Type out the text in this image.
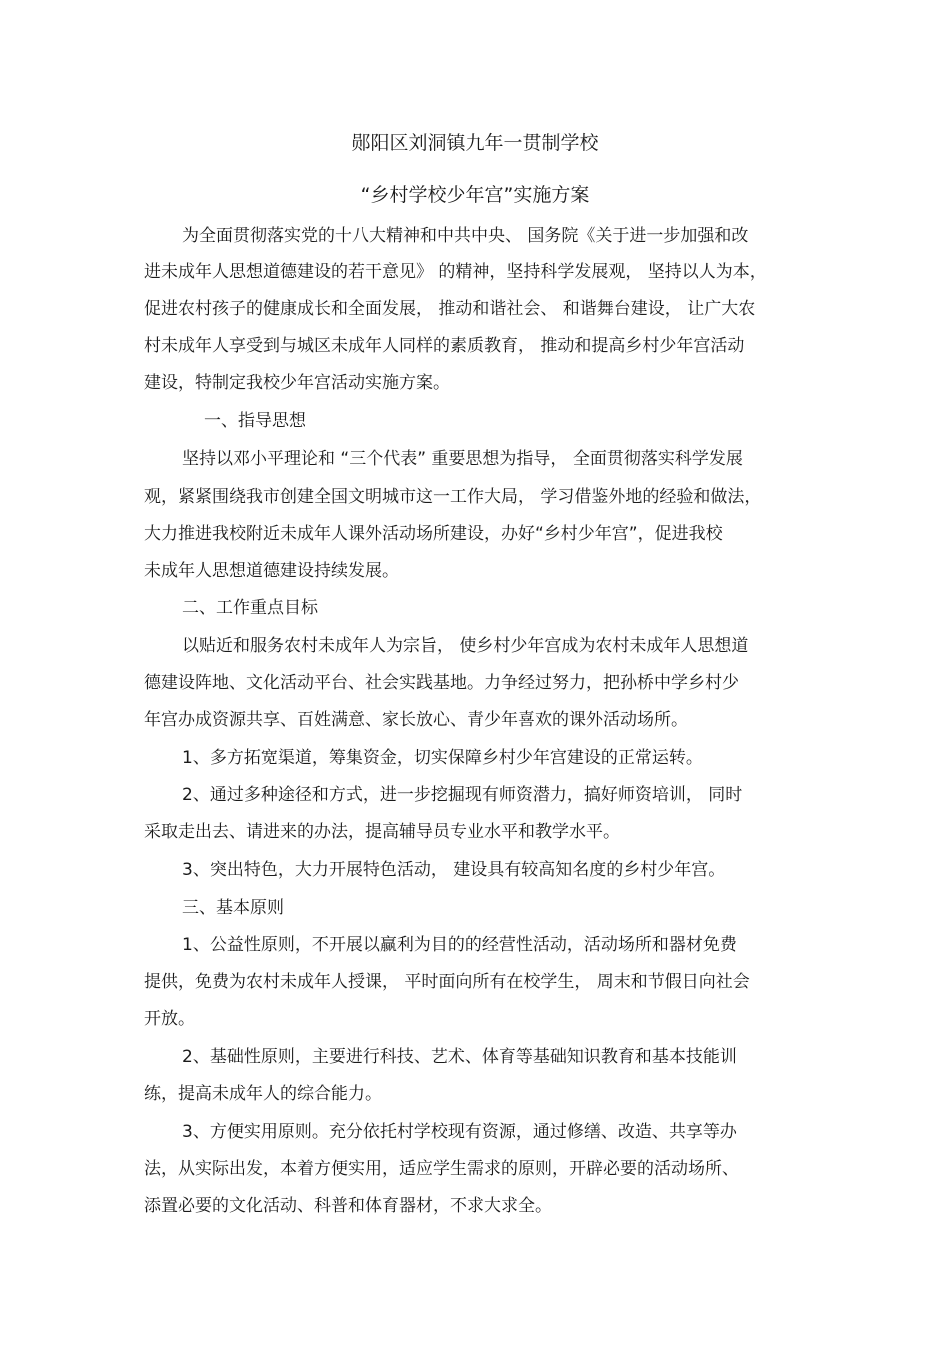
郧阳区刘洞镇九年一贯制学校
“乡村学校少年宫”实施方案
为全面贯彻落实党的十八大精神和中共中央、 国务院《关于进一步加强和改
进未成年人思想道德建设的若干意见》 的精神，坚持科学发展观， 坚持以人为本，
促进农村孩子的健康成长和全面发展， 推动和谐社会、 和谐舞台建设， 让广大农
村未成年人享受到与城区未成年人同样的素质教育， 推动和提高乡村少年宫活动
建设，特制定我校少年宫活动实施方案。
一、指导思想
坚持以邓小平理论和 “三个代表” 重要思想为指导， 全面贯彻落实科学发展
观，紧紧围绕我市创建全国文明城市这一工作大局， 学习借鉴外地的经验和做法，
大力推进我校附近未成年人课外活动场所建设，办好“乡村少年宫”，促进我校
未成年人思想道德建设持续发展。
二、工作重点目标
以贴近和服务农村未成年人为宗旨， 使乡村少年宫成为农村未成年人思想道
德建设阵地、文化活动平台、社会实践基地。力争经过努力，把孙桥中学乡村少
年宫办成资源共享、百姓满意、家长放心、青少年喜欢的课外活动场所。
1、多方拓宽渠道，筹集资金，切实保障乡村少年宫建设的正常运转。
2、通过多种途径和方式，进一步挖掘现有师资潜力，搞好师资培训， 同时
采取走出去、请进来的办法，提高辅导员专业水平和教学水平。
3、突出特色，大力开展特色活动， 建设具有较高知名度的乡村少年宫。
三、基本原则
1、公益性原则，不开展以赢利为目的的经营性活动，活动场所和器材免费
提供，免费为农村未成年人授课， 平时面向所有在校学生， 周末和节假日向社会
开放。
2、基础性原则，主要进行科技、艺术、体育等基础知识教育和基本技能训
练，提高未成年人的综合能力。
3、方便实用原则。充分依托村学校现有资源，通过修缮、改造、共享等办
法，从实际出发，本着方便实用，适应学生需求的原则，开辟必要的活动场所、
添置必要的文化活动、科普和体育器材，不求大求全。
